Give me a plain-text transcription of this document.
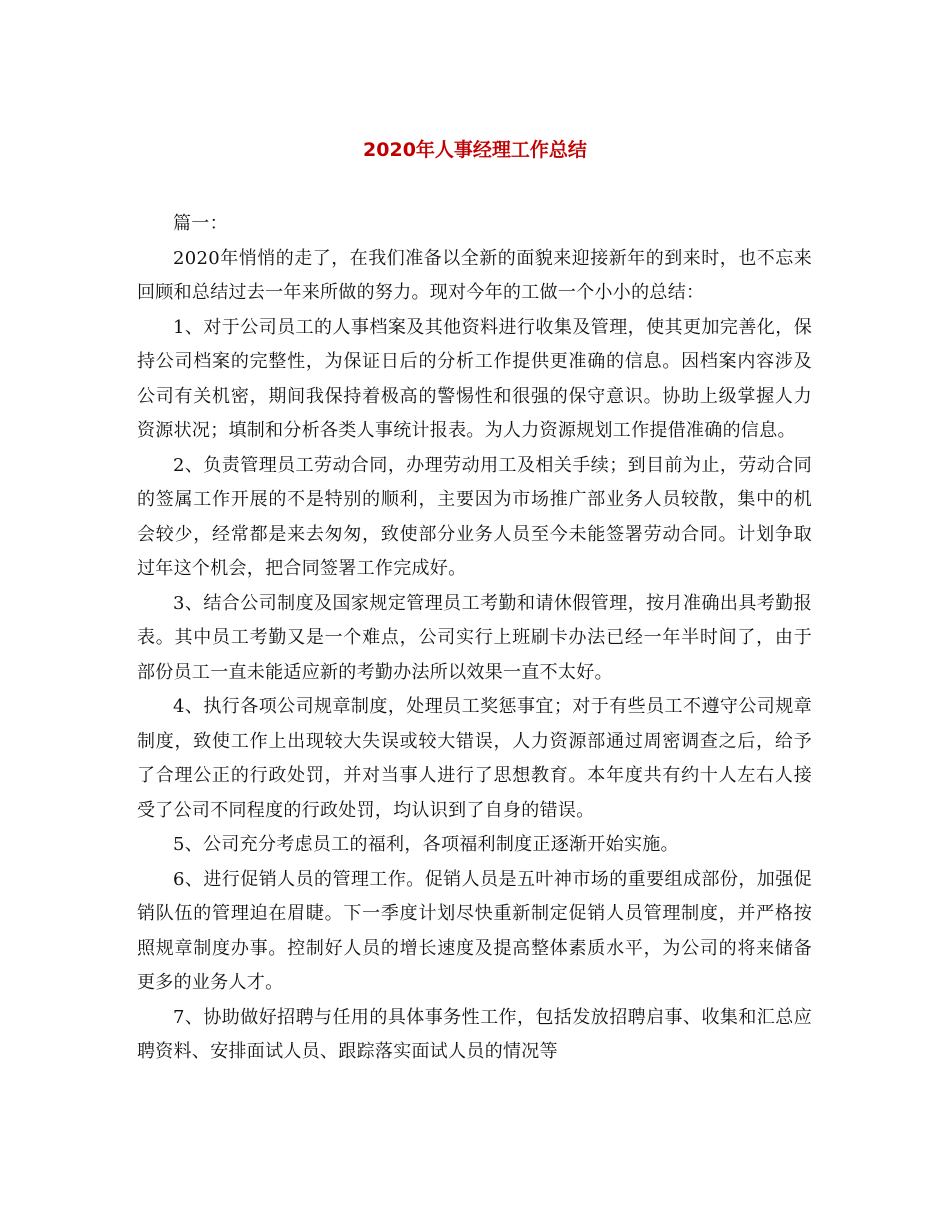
2020年人事经理工作总结

篇一：

2020年悄悄的走了，在我们准备以全新的面貌来迎接新年的到来时，也不忘来回顾和总结过去一年来所做的努力。现对今年的工做一个小小的总结：

1、对于公司员工的人事档案及其他资料进行收集及管理，使其更加完善化，保持公司档案的完整性，为保证日后的分析工作提供更准确的信息。因档案内容涉及公司有关机密，期间我保持着极高的警惕性和很强的保守意识。协助上级掌握人力资源状况；填制和分析各类人事统计报表。为人力资源规划工作提借准确的信息。

2、负责管理员工劳动合同，办理劳动用工及相关手续；到目前为止，劳动合同的签属工作开展的不是特别的顺利，主要因为市场推广部业务人员较散，集中的机会较少，经常都是来去匆匆，致使部分业务人员至今未能签署劳动合同。计划争取过年这个机会，把合同签署工作完成好。

3、结合公司制度及国家规定管理员工考勤和请休假管理，按月准确出具考勤报表。其中员工考勤又是一个难点，公司实行上班刷卡办法已经一年半时间了，由于部份员工一直未能适应新的考勤办法所以效果一直不太好。

4、执行各项公司规章制度，处理员工奖惩事宜；对于有些员工不遵守公司规章制度，致使工作上出现较大失误或较大错误，人力资源部通过周密调查之后，给予了合理公正的行政处罚，并对当事人进行了思想教育。本年度共有约十人左右人接受了公司不同程度的行政处罚，均认识到了自身的错误。

5、公司充分考虑员工的福利，各项福利制度正逐渐开始实施。

6、进行促销人员的管理工作。促销人员是五叶神市场的重要组成部份，加强促销队伍的管理迫在眉睫。下一季度计划尽快重新制定促销人员管理制度，并严格按照规章制度办事。控制好人员的增长速度及提高整体素质水平，为公司的将来储备更多的业务人才。

7、协助做好招聘与任用的具体事务性工作，包括发放招聘启事、收集和汇总应聘资料、安排面试人员、跟踪落实面试人员的情况等
